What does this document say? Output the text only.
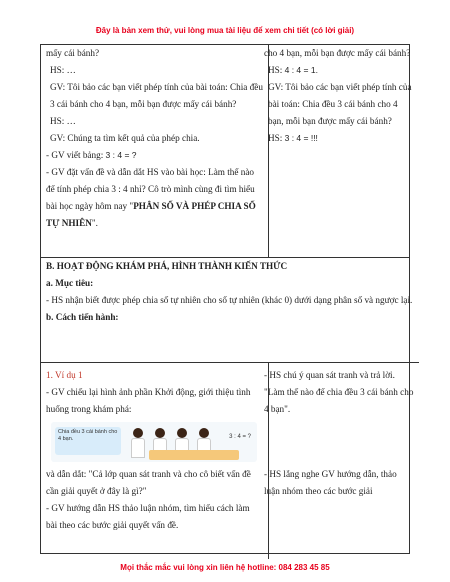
Đây là bản xem thử, vui lòng mua tài liệu để xem chi tiết (có lời giải)
mấy cái bánh?
HS: …
GV: Tôi bảo các bạn viết phép tính của bài toán: Chia đều 3 cái bánh cho 4 bạn, mỗi bạn được mấy cái bánh?
HS: …
GV: Chúng ta tìm kết quả của phép chia.
- GV viết bảng: 3 : 4 = ?
- GV đặt vấn đề và dẫn dắt HS vào bài học: Làm thế nào để tính phép chia 3 : 4 nhỉ? Cô trò mình cùng đi tìm hiểu bài học ngày hôm nay "PHÂN SỐ VÀ PHÉP CHIA SỐ TỰ NHIÊN".
cho 4 bạn, mỗi bạn được mấy cái bánh?
HS: 4 : 4 = 1.
GV: Tôi bảo các bạn viết phép tính của bài toán: Chia đều 3 cái bánh cho 4 bạn, mỗi bạn được mấy cái bánh?
HS: 3 : 4 = !!!
B. HOẠT ĐỘNG KHÁM PHÁ, HÌNH THÀNH KIẾN THỨC
a. Mục tiêu:
- HS nhận biết được phép chia số tự nhiên cho số tự nhiên (khác 0) dưới dạng phân số và ngược lại.
b. Cách tiến hành:
1. Ví dụ 1
- GV chiếu lại hình ảnh phần Khởi động, giới thiệu tình huống trong khám phá:
Chia đều 3 cái bánh cho 4 bạn.	3 : 4 = ?
và dẫn dắt: "Cả lớp quan sát tranh và cho cô biết vấn đề cần giải quyết ở đây là gì?"
- GV hướng dẫn HS thảo luận nhóm, tìm hiểu cách làm bài theo các bước giải quyết vấn đề.
- HS chú ý quan sát tranh và trả lời. "Làm thế nào để chia đều 3 cái bánh cho 4 bạn".
- HS lắng nghe GV hướng dẫn, thảo luận nhóm theo các bước giải
Mọi thắc mắc vui lòng xin liên hệ hotline: 084 283 45 85
